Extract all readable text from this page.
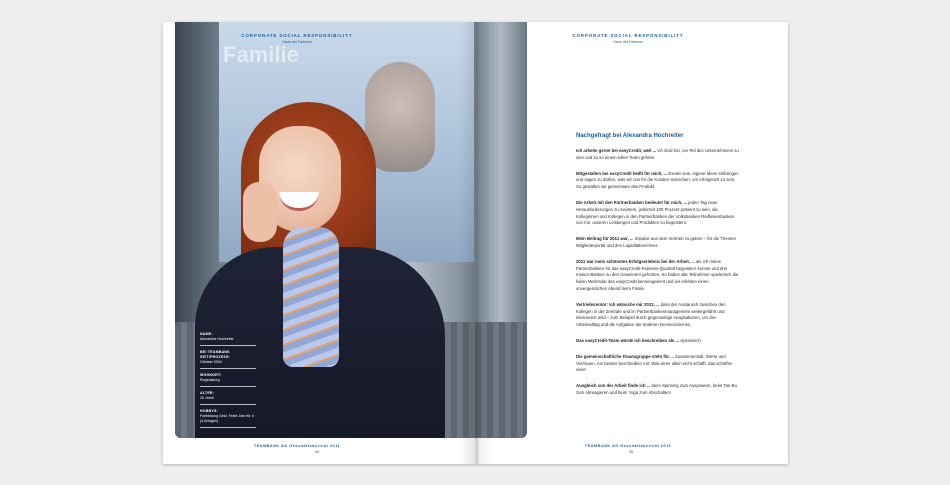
Familie
NAME:
Alexandra Hochreiter
BEI TEAMBANK SEIT/PROZESS:
Oktober 2004
WOHNORT:
Regensburg
ALTER:
26 Jahre
HOBBYS:
Fortbildung Geld, Feste Jahr für 4 (4 Anlagen)
CORPORATE SOCIAL RESPONSIBILITY
Haus der Fairness
TEAMBANK AG Geschäftsbericht 2011
94
CORPORATE SOCIAL RESPONSIBILITY
Haus der Fairness
Nachgefragt bei Alexandra Hochreiter

Ich arbeite gerne bei easyCredit, weil ... ich stolz bin, ein Teil des Unternehmens zu sein und zu so einem tollen Team gehöre.

Mitgestalten bei easyCredit heißt für mich, ... kreativ sein, eigene Ideen einbringen und sagen zu dürfen, was wir uns für die Kunden wünschen, um erfolgreich zu sein. So gestalten wir gemeinsam das Produkt.

Die Arbeit mit den Partnerbanken bedeutet für mich, ... jeden Tag neue Herausforderungen zu meistern, jederzeit 100 Prozent präsent zu sein, die Kolleginnen und Kollegen in den Partnerbanken der Volksbanken Raiffeisenbanken von mir, unseren Leistungen und Produkten zu begeistern.

Mein Beitrag für 2011 war, ... Impulse aus dem Vertrieb zu geben – für die Themen Mitgliederportal und den Liquiditätsrechner.

2011 war mein schönstes Erfolgserlebnis bei der Arbeit, ... als ich meine Partnerbanken für das easyCredit-Fairness-Quartett begeistern konnte und drei meiner Banken zu den Gewinnern gehörten. So haben alle Teilnehmer spielerisch die fairen Merkmale des easyCredit kennengelernt und wir erlebten einen unvergesslichen Abend beim Finale.

Vertriebsmotor: Ich wünsche mir 2012, ... dass der Austausch zwischen den Kollegen in der Zentrale und im Partnerbankenmanagement weitergeführt und intensiviert wird – zum Beispiel durch gegenseitige Hospitationen, um den Arbeitsalltag und die Aufgaben der anderen kennenzulernen.

Das easyCredit-Team würde ich beschreiben als ... dynamisch.

Die gemeinschaftliche Finanzgruppe steht für ... Zusammenhalt, Werte und Vertrauen. Am besten beschreiben mit: Was einer allein nicht schafft, das schaffen viele!

Ausgleich von der Arbeit finde ich ... beim Spinning zum Auspowern, beim Tae-Bo zum Abreagieren und beim Yoga zum Abschalten!

TEAMBANK AG Geschäftsbericht 2011
95
